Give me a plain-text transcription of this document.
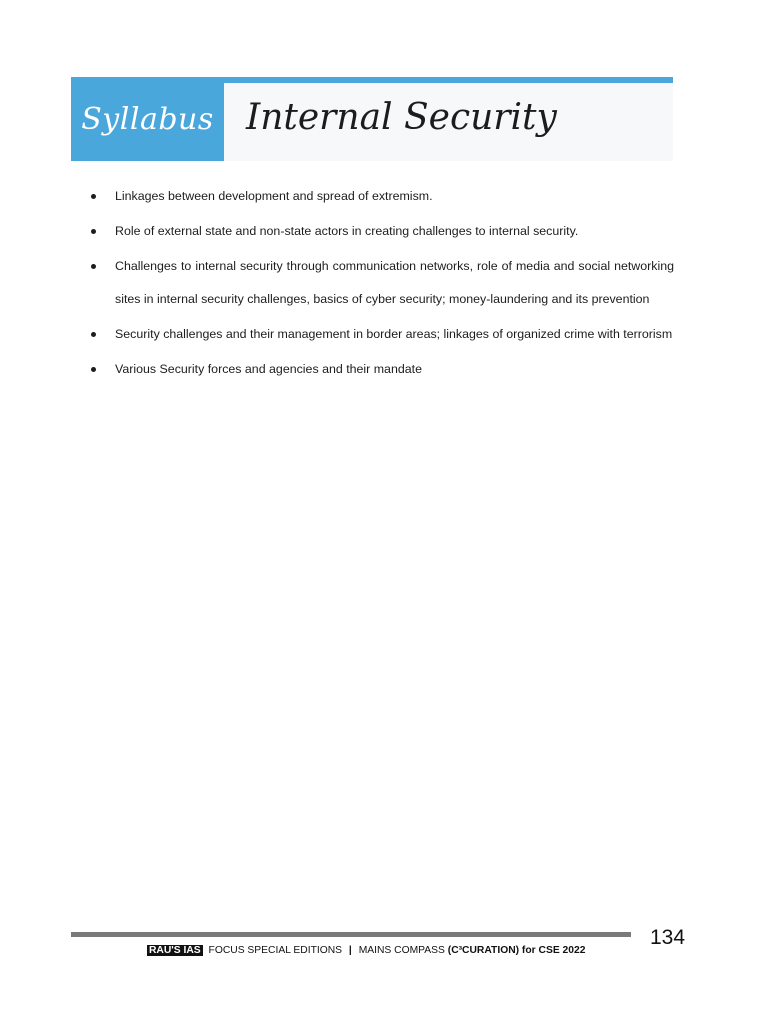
Syllabus Internal Security
Linkages between development and spread of extremism.
Role of external state and non-state actors in creating challenges to internal security.
Challenges to internal security through communication networks, role of media and social networking sites in internal security challenges, basics of cyber security; money-laundering and its prevention
Security challenges and their management in border areas; linkages of organized crime with terrorism
Various Security forces and agencies and their mandate
134
RAU'S IAS FOCUS SPECIAL EDITIONS | MAINS COMPASS (C³CURATION) for CSE 2022
